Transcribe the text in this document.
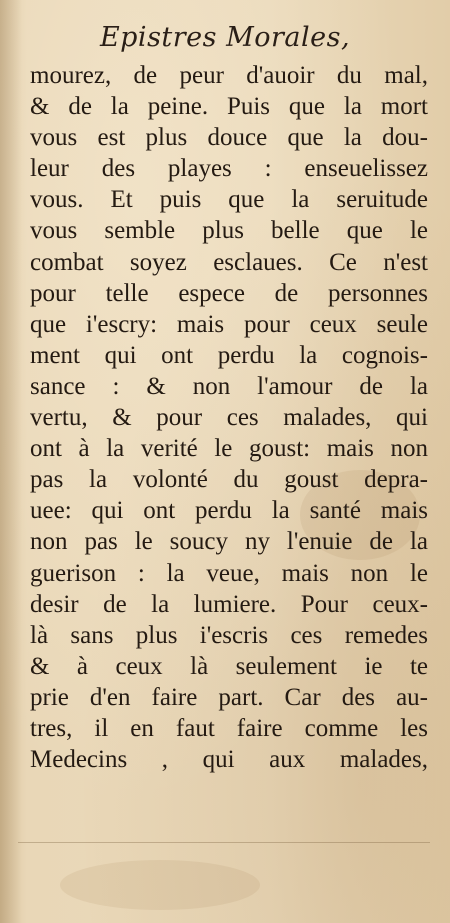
Epistres Morales,
mourez, de peur d'auoir du mal,
& de la peine. Puis que la mort
vous est plus douce que la dou-
leur des playes : enseuelissez
vous. Et puis que la seruitude
vous semble plus belle que le
combat soyez esclaues. Ce n'est
pour telle espece de personnes
que i'escry: mais pour ceux seule
ment qui ont perdu la cognois-
sance : & non l'amour de la
vertu, & pour ces malades, qui
ont à la verité le goust: mais non
pas la volonté du goust depra-
uee: qui ont perdu la santé mais
non pas le soucy ny l'enuie de la
guerison : la veue, mais non le
desir de la lumiere. Pour ceux-
là sans plus i'escris ces remedes
& à ceux là seulement ie te
prie d'en faire part. Car des au-
tres, il en faut faire comme les
Medecins , qui aux malades,
